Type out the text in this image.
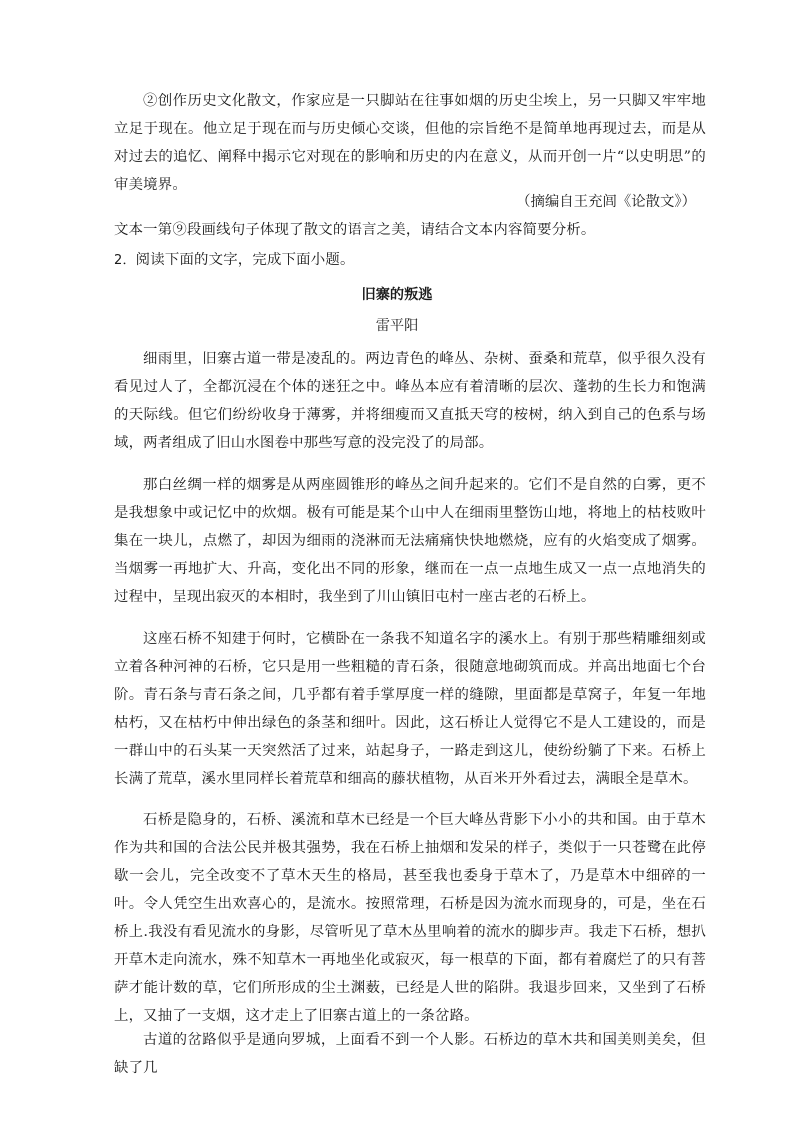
②创作历史文化散文，作家应是一只脚站在往事如烟的历史尘埃上，另一只脚又牢牢地立足于现在。他立足于现在而与历史倾心交谈，但他的宗旨绝不是简单地再现过去，而是从对过去的追忆、阐释中揭示它对现在的影响和历史的内在意义，从而开创一片“以史明思”的审美境界。

（摘编自王充闾《论散文》）

文本一第⑨段画线句子体现了散文的语言之美，请结合文本内容简要分析。

2．阅读下面的文字，完成下面小题。

旧寨的叛逃
雷平阳

细雨里，旧寨古道一带是凌乱的。两边青色的峰丛、杂树、蚕桑和荒草，似乎很久没有看见过人了，全都沉浸在个体的迷狂之中。峰丛本应有着清晰的层次、蓬勃的生长力和饱满的天际线。但它们纷纷收身于薄雾，并将细瘦而又直抵天穹的桉树，纳入到自己的色系与场域，两者组成了旧山水图卷中那些写意的没完没了的局部。

那白丝绸一样的烟雾是从两座圆锥形的峰丛之间升起来的。它们不是自然的白雾，更不是我想象中或记忆中的炊烟。极有可能是某个山中人在细雨里整饬山地，将地上的枯枝败叶集在一块儿，点燃了，却因为细雨的浇淋而无法痛痛快快地燃烧，应有的火焰变成了烟雾。当烟雾一再地扩大、升高，变化出不同的形象，继而在一点一点地生成又一点一点地消失的过程中，呈现出寂灭的本相时，我坐到了川山镇旧屯村一座古老的石桥上。

这座石桥不知建于何时，它横卧在一条我不知道名字的溪水上。有别于那些精雕细刻或立着各种河神的石桥，它只是用一些粗糙的青石条，很随意地砌筑而成。并高出地面七个台阶。青石条与青石条之间，几乎都有着手掌厚度一样的缝隙，里面都是草窝子，年复一年地枯朽，又在枯朽中伸出绿色的条茎和细叶。因此，这石桥让人觉得它不是人工建设的，而是一群山中的石头某一天突然活了过来，站起身子，一路走到这儿，使纷纷躺了下来。石桥上长满了荒草，溪水里同样长着荒草和细高的藤状植物，从百米开外看过去，满眼全是草木。

石桥是隐身的，石桥、溪流和草木已经是一个巨大峰丛背影下小小的共和国。由于草木作为共和国的合法公民并极其强势，我在石桥上抽烟和发呆的样子，类似于一只苍鹭在此停歇一会儿，完全改变不了草木天生的格局，甚至我也委身于草木了，乃是草木中细碎的一叶。令人凭空生出欢喜心的，是流水。按照常理，石桥是因为流水而现身的，可是，坐在石桥上.我没有看见流水的身影，尽管听见了草木丛里响着的流水的脚步声。我走下石桥，想扒开草木走向流水，殊不知草木一再地坐化或寂灭，每一根草的下面，都有着腐烂了的只有菩萨才能计数的草，它们所形成的尘土渊薮，已经是人世的陷阱。我退步回来，又坐到了石桥上，又抽了一支烟，这才走上了旧寨古道上的一条岔路。

古道的岔路似乎是通向罗城，上面看不到一个人影。石桥边的草木共和国美则美矣，但缺了几
